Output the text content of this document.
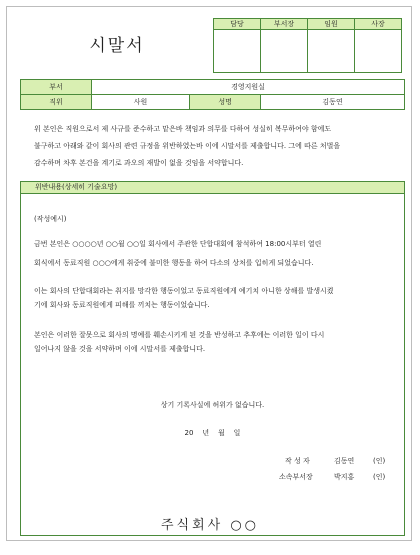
시말서
담당	부서장	임원	사장

부서	경영지원실		
직위	사원	성명	김동연
위 본인은 직원으로서 제 사규를 준수하고 맡은바 책임과 의무를 다하여 성실히 복무하여야 함에도
불구하고 아래와 같이 회사의 관련 규정을 위반하였는바 이에 시말서를 제출합니다. 그에 따른 처벌을
감수하며 차후 본건을 계기로 과오의 재발이 없을 것임을 서약합니다.
위반내용(상세히 기술요망)
(작성예시)
금번 본인은 ○○○○년 ○○월 ○○일 회사에서 주관한 단합대회에 참석하여 18:00시부터 열린
회식에서 동료직원 ○○○에게 취중에 불미한 행동을 하여 다소의 상처를 입히게 되었습니다.
이는 회사의 단합대회라는 취지를 망각한 행동이었고 동료직원에게 예기치 아니한 상해를 발생시켰
기에 회사와 동료직원에게 피해를 끼치는 행동이었습니다.
본인은 이러한 잘못으로 회사의 명예를 훼손시키게 된 것을 반성하고 추후에는 이러한 일이 다시
일어나지 않을 것을 서약하며 이에 시말서를 제출합니다.
상기 기록사실에 허위가 없습니다.
20    년    월    일
작 성 자	김동연	(인)
소속부서장	박지홍	(인)
주식회사 ○○
